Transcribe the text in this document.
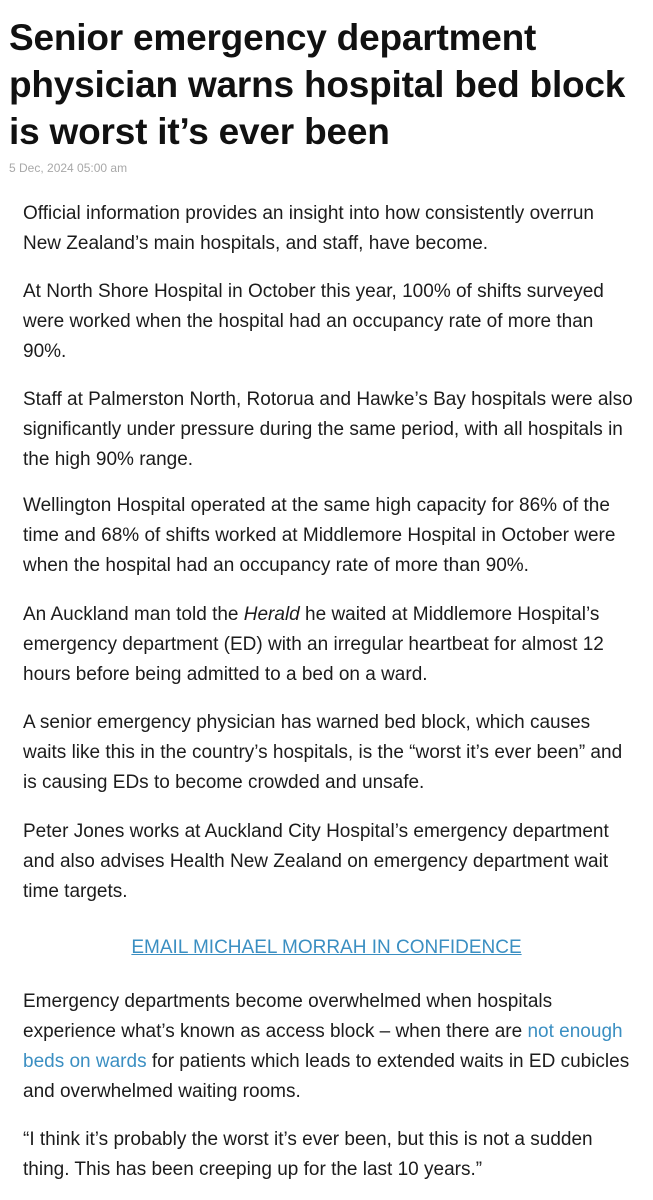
Senior emergency department physician warns hospital bed block is worst it’s ever been
5 Dec, 2024 05:00 am

Official information provides an insight into how consistently overrun New Zealand’s main hospitals, and staff, have become.

At North Shore Hospital in October this year, 100% of shifts surveyed were worked when the hospital had an occupancy rate of more than 90%.

Staff at Palmerston North, Rotorua and Hawke’s Bay hospitals were also significantly under pressure during the same period, with all hospitals in the high 90% range.

Wellington Hospital operated at the same high capacity for 86% of the time and 68% of shifts worked at Middlemore Hospital in October were when the hospital had an occupancy rate of more than 90%.

An Auckland man told the Herald he waited at Middlemore Hospital’s emergency department (ED) with an irregular heartbeat for almost 12 hours before being admitted to a bed on a ward.

A senior emergency physician has warned bed block, which causes waits like this in the country’s hospitals, is the “worst it’s ever been” and is causing EDs to become crowded and unsafe.

Peter Jones works at Auckland City Hospital’s emergency department and also advises Health New Zealand on emergency department wait time targets.

EMAIL MICHAEL MORRAH IN CONFIDENCE

Emergency departments become overwhelmed when hospitals experience what’s known as access block – when there are not enough beds on wards for patients which leads to extended waits in ED cubicles and overwhelmed waiting rooms.

“I think it’s probably the worst it’s ever been, but this is not a sudden thing. This has been creeping up for the last 10 years.”
